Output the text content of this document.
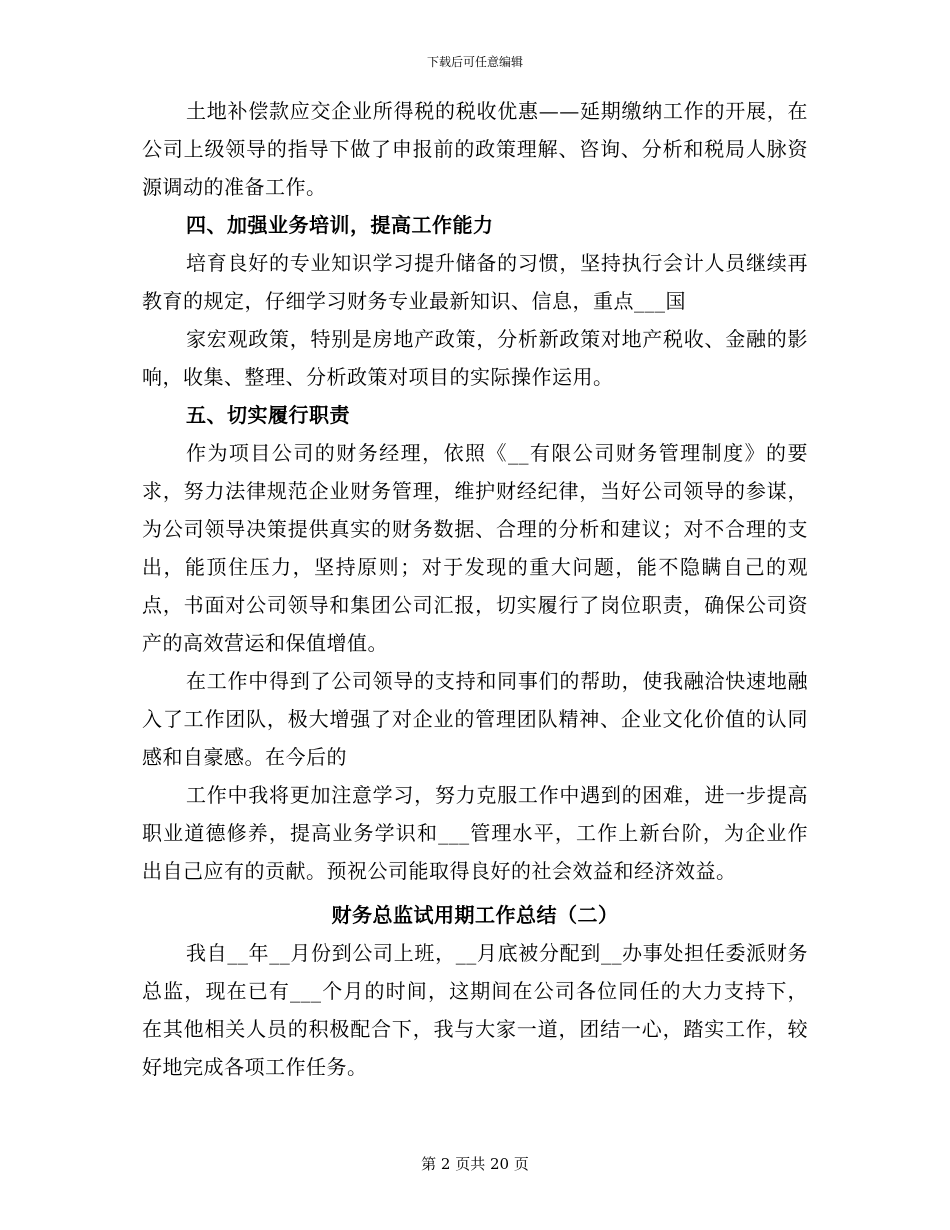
下载后可任意编辑

土地补偿款应交企业所得税的税收优惠——延期缴纳工作的开展，在公司上级领导的指导下做了申报前的政策理解、咨询、分析和税局人脉资源调动的准备工作。

四、加强业务培训，提高工作能力

培育良好的专业知识学习提升储备的习惯，坚持执行会计人员继续再教育的规定，仔细学习财务专业最新知识、信息，重点___国

家宏观政策，特别是房地产政策，分析新政策对地产税收、金融的影响，收集、整理、分析政策对项目的实际操作运用。

五、切实履行职责

作为项目公司的财务经理，依照《__有限公司财务管理制度》的要求，努力法律规范企业财务管理，维护财经纪律，当好公司领导的参谋，为公司领导决策提供真实的财务数据、合理的分析和建议；对不合理的支出，能顶住压力，坚持原则；对于发现的重大问题，能不隐瞒自己的观点，书面对公司领导和集团公司汇报，切实履行了岗位职责，确保公司资产的高效营运和保值增值。

在工作中得到了公司领导的支持和同事们的帮助，使我融洽快速地融入了工作团队，极大增强了对企业的管理团队精神、企业文化价值的认同感和自豪感。在今后的

工作中我将更加注意学习，努力克服工作中遇到的困难，进一步提高职业道德修养，提高业务学识和___管理水平，工作上新台阶，为企业作出自己应有的贡献。预祝公司能取得良好的社会效益和经济效益。

财务总监试用期工作总结（二）

我自__年__月份到公司上班，__月底被分配到__办事处担任委派财务总监，现在已有___个月的时间，这期间在公司各位同任的大力支持下，在其他相关人员的积极配合下，我与大家一道，团结一心，踏实工作，较好地完成各项工作任务。

第 2 页共 20 页
